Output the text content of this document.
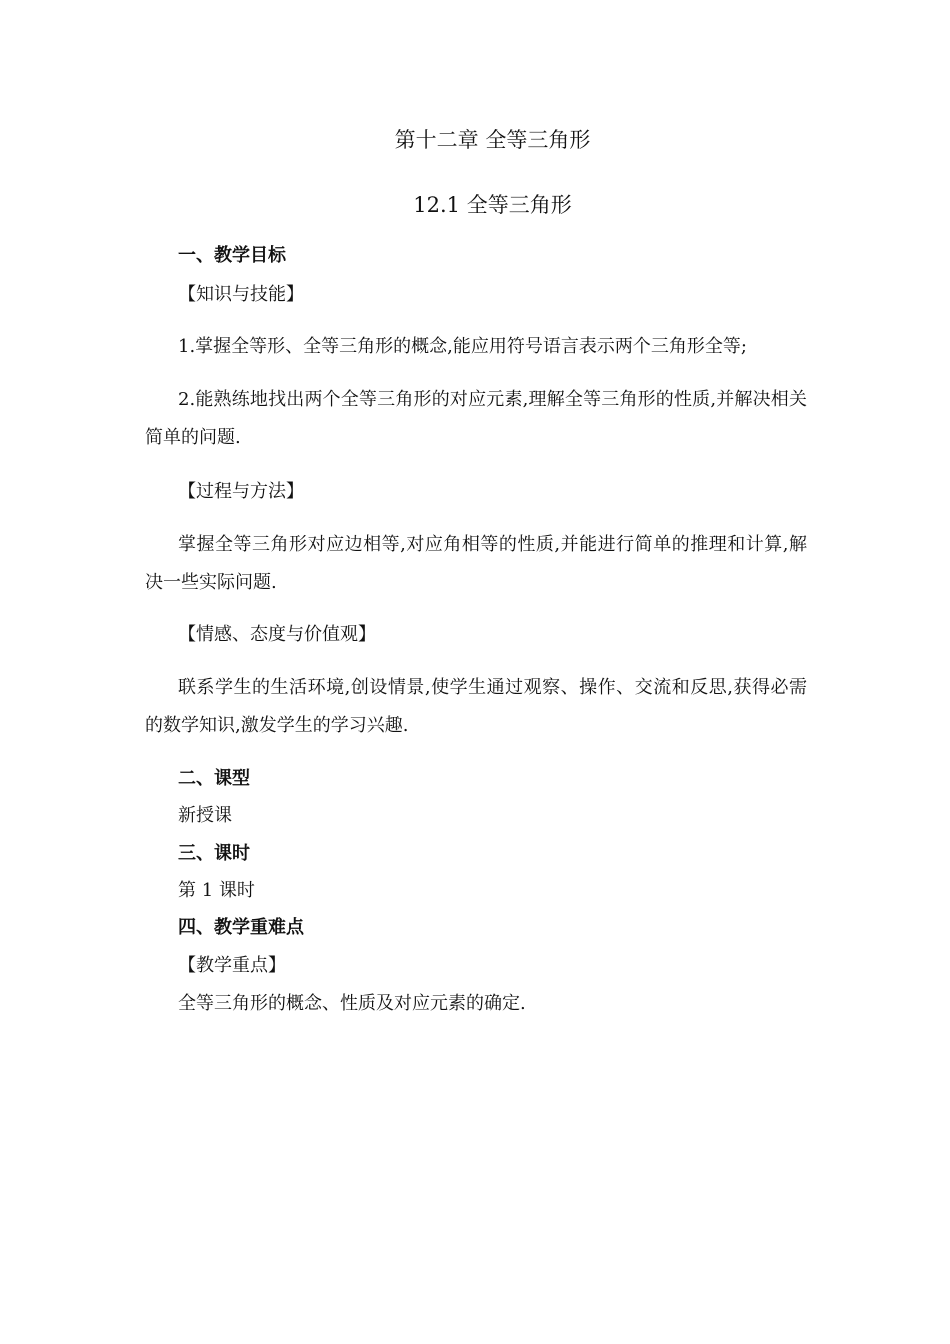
第十二章 全等三角形
12.1 全等三角形
一、教学目标
【知识与技能】
1.掌握全等形、全等三角形的概念,能应用符号语言表示两个三角形全等;
2.能熟练地找出两个全等三角形的对应元素,理解全等三角形的性质,并解决相关简单的问题.
【过程与方法】
掌握全等三角形对应边相等,对应角相等的性质,并能进行简单的推理和计算,解决一些实际问题.
【情感、态度与价值观】
联系学生的生活环境,创设情景,使学生通过观察、操作、交流和反思,获得必需的数学知识,激发学生的学习兴趣.
二、课型
新授课
三、课时
第 1 课时
四、教学重难点
【教学重点】
全等三角形的概念、性质及对应元素的确定.
